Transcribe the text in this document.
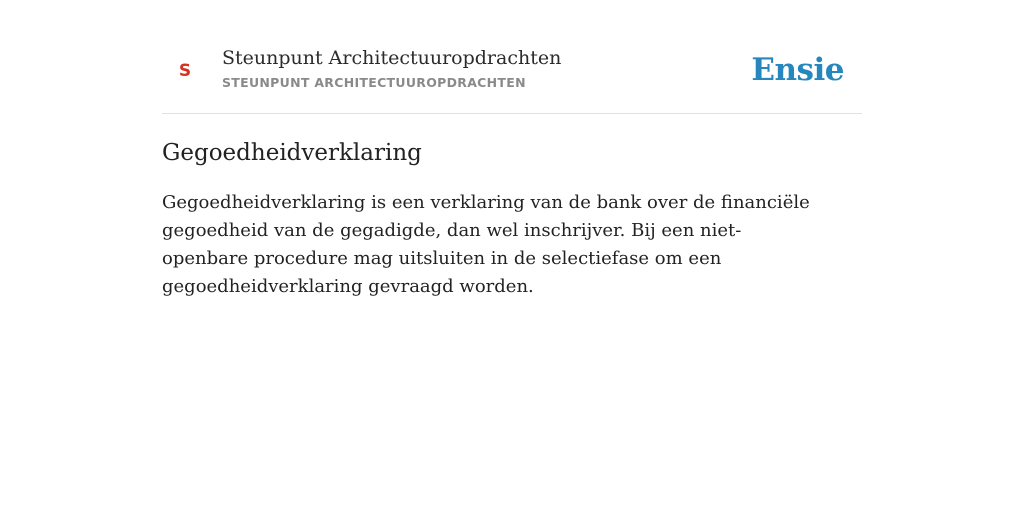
S
Steunpunt Architectuuropdrachten
STEUNPUNT ARCHITECTUUROPDRACHTEN	Ensie
Gegoedheidverklaring

Gegoedheidverklaring is een verklaring van de bank over de financiële gegoedheid van de gegadigde, dan wel inschrijver. Bij een niet-openbare procedure mag uitsluiten in de selectiefase om een gegoedheidverklaring gevraagd worden.
